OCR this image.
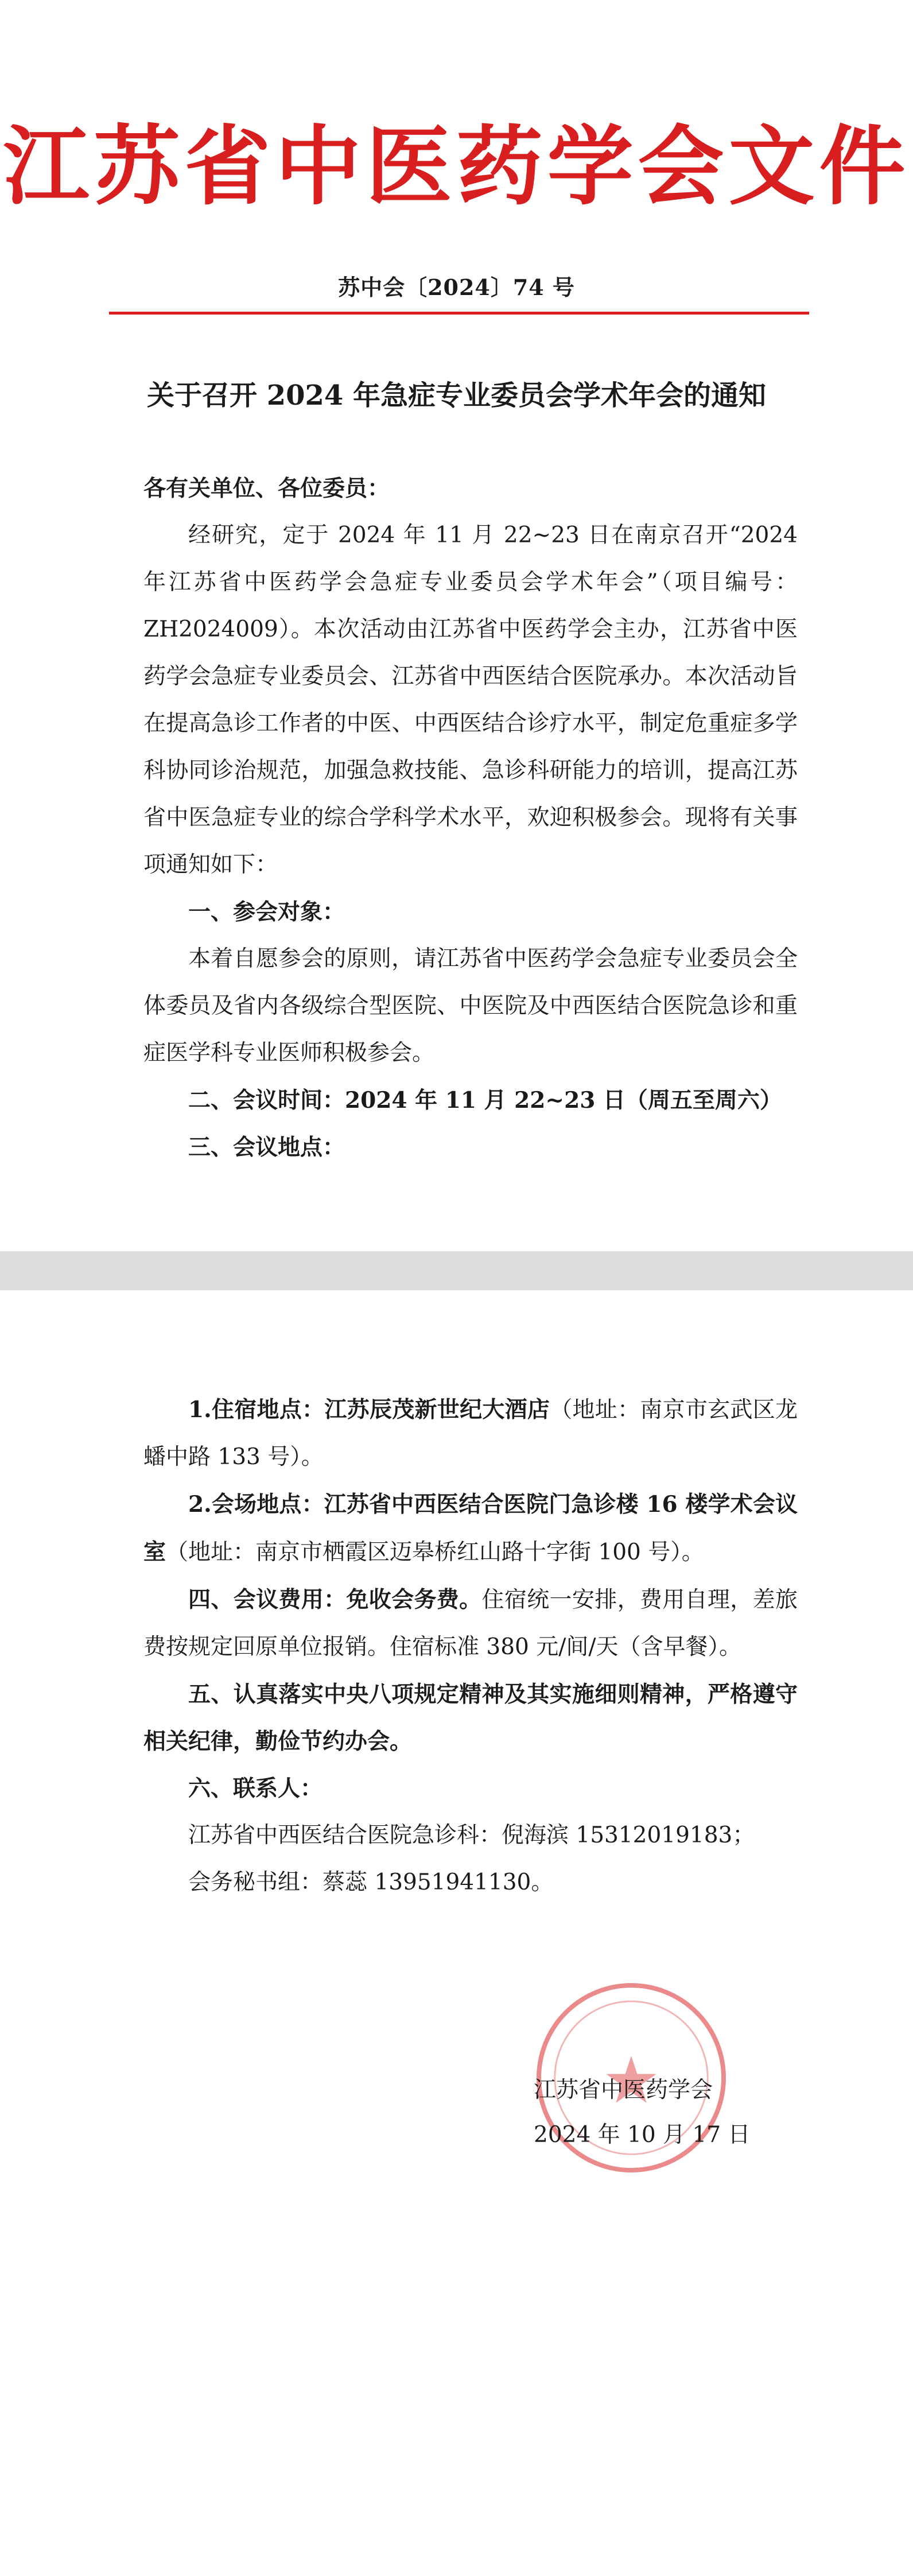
江苏省中医药学会文件
苏中会〔2024〕74 号
关于召开 2024 年急症专业委员会学术年会的通知

各有关单位、各位委员：

经研究，定于 2024 年 11 月 22~23 日在南京召开“2024 年江苏省中医药学会急症专业委员会学术年会”（项目编号：ZH2024009）。本次活动由江苏省中医药学会主办，江苏省中医药学会急症专业委员会、江苏省中西医结合医院承办。本次活动旨在提高急诊工作者的中医、中西医结合诊疗水平，制定危重症多学科协同诊治规范，加强急救技能、急诊科研能力的培训，提高江苏省中医急症专业的综合学科学术水平，欢迎积极参会。现将有关事项通知如下：

一、参会对象：

本着自愿参会的原则，请江苏省中医药学会急症专业委员会全体委员及省内各级综合型医院、中医院及中西医结合医院急诊和重症医学科专业医师积极参会。

二、会议时间：2024 年 11 月 22~23 日（周五至周六）

三、会议地点：

1.住宿地点：江苏辰茂新世纪大酒店（地址：南京市玄武区龙蟠中路 133 号）。

2.会场地点：江苏省中西医结合医院门急诊楼 16 楼学术会议室（地址：南京市栖霞区迈皋桥红山路十字街 100 号）。

四、会议费用：免收会务费。住宿统一安排，费用自理，差旅费按规定回原单位报销。住宿标准 380 元/间/天（含早餐）。

五、认真落实中央八项规定精神及其实施细则精神，严格遵守相关纪律，勤俭节约办会。

六、联系人：

江苏省中西医结合医院急诊科：倪海滨 15312019183；

会务秘书组：蔡蕊 13951941130。

江苏省中医药学会
2024 年 10 月 17 日
